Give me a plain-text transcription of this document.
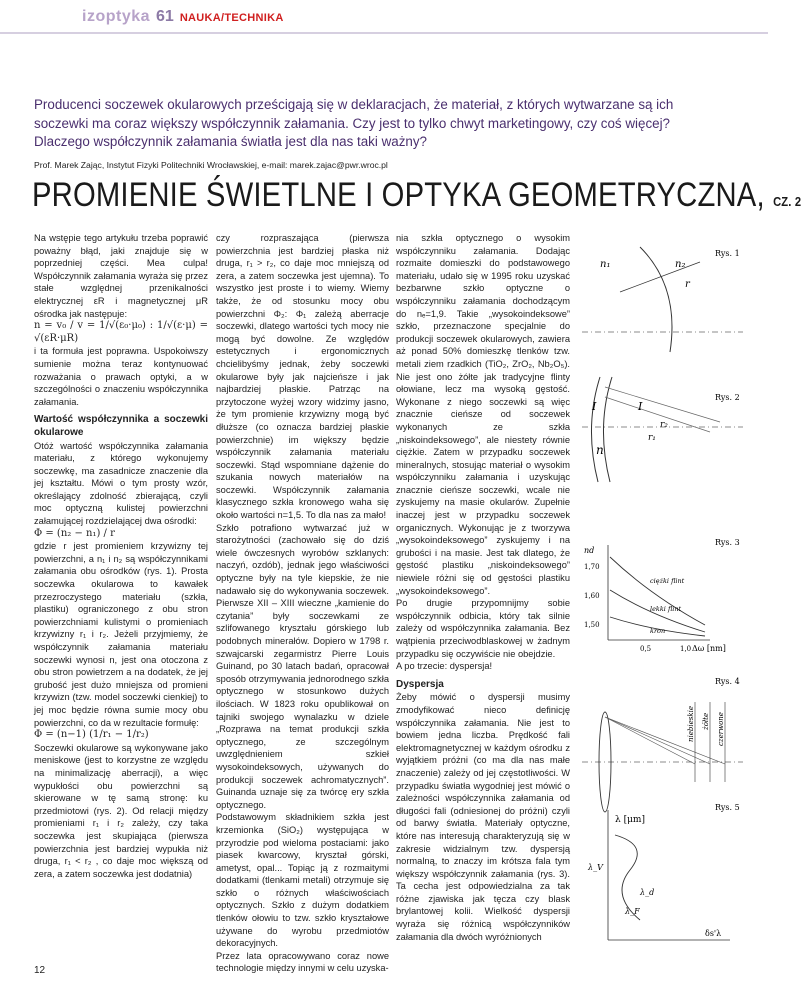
izoptyka 61 NAUKA/TECHNIKA
Producenci soczewek okularowych prześcigają się w deklaracjach, że materiał, z których wytwarzane są ich soczewki ma coraz większy współczynnik załamania. Czy jest to tylko chwyt marketingowy, czy coś więcej? Dlaczego współczynnik załamania światła jest dla nas taki ważny?
Prof. Marek Zając, Instytut Fizyki Politechniki Wrocławskiej, e-mail: marek.zajac@pwr.wroc.pl
PROMIENIE ŚWIETLNE I OPTYKA GEOMETRYCZNA, CZ. 2

Na wstępie tego artykułu trzeba poprawić poważny błąd, jaki znajduje się w poprzedniej części. Mea culpa! Współczynnik załamania wyraża się przez stałe względnej przenikalności elektrycznej εR i magnetycznej μR ośrodka jak następuje:

n = v₀ / v = 1/√(ε₀·μ₀) : 1/√(ε·μ) = √(εR·μR)

i ta formuła jest poprawna. Uspokoiwszy sumienie można teraz kontynuować rozważania o prawach optyki, a w szczególności o znaczeniu współczynnika załamania.

Wartość współczynnika a soczewki okularowe

Otóż wartość współczynnika załamania materiału, z którego wykonujemy soczewkę, ma zasadnicze znaczenie dla jej kształtu. Mówi o tym prosty wzór, określający zdolność zbierającą, czyli moc optyczną kulistej powierzchni załamującej rozdzielającej dwa ośrodki:

Φ = (n₂ − n₁) / r

gdzie r jest promieniem krzywizny tej powierzchni, a n₁ i n₂ są współczynnikami załamania obu ośrodków (rys. 1). Prosta soczewka okularowa to kawałek przezroczystego materiału (szkła, plastiku) ograniczonego z obu stron powierzchniami kulistymi o promieniach krzywizny r₁ i r₂. Jeżeli przyjmiemy, że współczynnik załamania materiału soczewki wynosi n, jest ona otoczona z obu stron powietrzem a na dodatek, że jej grubość jest dużo mniejsza od promieni krzywizn (tzw. model soczewki cienkiej) to jej moc będzie równa sumie mocy obu powierzchni, co da w rezultacie formułę:

Φ = (n−1) (1/r₁ − 1/r₂)

Soczewki okularowe są wykonywane jako meniskowe (jest to korzystne ze względu na minimalizację aberracji), a więc wypukłości obu powierzchni są skierowane w tę samą stronę: ku przedmiotowi (rys. 2). Od relacji między promieniami r₁ i r₂ zależy, czy taka soczewka jest skupiająca (pierwsza powierzchnia jest bardziej wypukła niż druga, r₁ < r₂ , co daje moc większą od zera, a zatem soczewka jest dodatnia)

czy rozpraszająca (pierwsza powierzchnia jest bardziej płaska niż druga, r₁ > r₂, co daje moc mniejszą od zera, a zatem soczewka jest ujemna). To wszystko jest proste i to wiemy. Wiemy także, że od stosunku mocy obu powierzchni Φ₂: Φ₁ zależą aberracje soczewki, dlatego wartości tych mocy nie mogą być dowolne. Ze względów estetycznych i ergonomicznych chcielibyśmy jednak, żeby soczewki okularowe były jak najcieńsze i jak najbardziej płaskie. Patrząc na przytoczone wyżej wzory widzimy jasno, że tym promienie krzywizny mogą być dłuższe (co oznacza bardziej płaskie powierzchnie) im większy będzie współczynnik załamania materiału soczewki. Stąd wspomniane dążenie do szukania nowych materiałów na soczewki. Współczynnik załamania klasycznego szkła kronowego waha się około wartości n=1,5. To dla nas za mało!

Szkło potrafiono wytwarzać już w starożytności (zachowało się do dziś wiele ówczesnych wyrobów szklanych: naczyń, ozdób), jednak jego właściwości optyczne były na tyle kiepskie, że nie nadawało się do wykonywania soczewek. Pierwsze XII – XIII wieczne „kamienie do czytania” były soczewkami ze szlifowanego kryształu górskiego lub podobnych minerałów. Dopiero w 1798 r. szwajcarski zegarmistrz Pierre Louis Guinand, po 30 latach badań, opracował sposób otrzymywania jednorodnego szkła optycznego w stosunkowo dużych ilościach. W 1823 roku opublikował on tajniki swojego wynalazku w dziele „Rozprawa na temat produkcji szkła optycznego, ze szczególnym uwzględnieniem szkieł wysokoindeksowych, używanych do produkcji soczewek achromatycznych”. Guinanda uznaje się za twórcę ery szkła optycznego.

Podstawowym składnikiem szkła jest krzemionka (SiO₂) występująca w przyrodzie pod wieloma postaciami: jako piasek kwarcowy, kryształ górski, ametyst, opal... Topiąc ją z rozmaitymi dodatkami (tlenkami metali) otrzymuje się szkło o różnych właściwościach optycznych. Szkło z dużym dodatkiem tlenków ołowiu to tzw. szkło kryształowe używane do wyrobu przedmiotów dekoracyjnych.

Przez lata opracowywano coraz nowe technologie między innymi w celu uzyska-

nia szkła optycznego o wysokim współczynniku załamania. Dodając rozmaite domieszki do podstawowego materiału, udało się w 1995 roku uzyskać bezbarwne szkło optyczne o współczynniku załamania dochodzącym do nₑ=1,9. Takie „wysokoindeksowe” szkło, przeznaczone specjalnie do produkcji soczewek okularowych, zawiera aż ponad 50% domieszkę tlenków tzw. metali ziem rzadkich (TiO₂, ZrO₂, Nb₂O₅). Nie jest ono żółte jak tradycyjne flinty ołowiane, lecz ma wysoką gęstość. Wykonane z niego soczewki są więc znacznie cieńsze od soczewek wykonanych ze szkła „niskoindeksowego”, ale niestety równie ciężkie. Zatem w przypadku soczewek mineralnych, stosując materiał o wysokim współczynniku załamania i uzyskując znacznie cieńsze soczewki, wcale nie zyskujemy na masie okularów. Zupełnie inaczej jest w przypadku soczewek organicznych. Wykonując je z tworzywa „wysokoindeksowego” zyskujemy i na grubości i na masie. Jest tak dlatego, że gęstość plastiku „niskoindeksowego” niewiele różni się od gęstości plastiku „wysokoindeksowego”.

Po drugie przypomnijmy sobie współczynnik odbicia, który tak silnie zależy od współczynnika załamania. Bez wątpienia przeciwodblaskowej w żadnym przypadku się oczywiście nie obejdzie.

A po trzecie: dyspersja!

Dyspersja

Żeby mówić o dyspersji musimy zmodyfikować nieco definicję współczynnika załamania. Nie jest to bowiem jedna liczba. Prędkość fali elektromagnetycznej w każdym ośrodku z wyjątkiem próżni (co ma dla nas małe znaczenie) zależy od jej częstotliwości. W przypadku światła wygodniej jest mówić o zależności współczynnika załamania od długości fali (odniesionej do próżni) czyli od barwy światła. Materiały optyczne, które nas interesują charakteryzują się w zakresie widzialnym tzw. dyspersją normalną, to znaczy im krótsza fala tym większy współczynnik załamania (rys. 3). Ta cecha jest odpowiedzialna za tak różne zjawiska jak tęcza czy blask brylantowej kolii. Wielkość dyspersji wyraża się różnicą współczynników załamania dla dwóch wyróżnionych

n₁	n₂
r
Rys. 1
I	I
r₂
r₁
n
Rys. 2
nd
1,70
1,60
1,50
0,5	1,0 Δω [nm]
ciężki flint
lekki flint
kron
Rys. 3
niebieskie żółte czerwone
Rys. 4
λ [μm]
λ_V
λ_d
λ_F
δs'λ
Rys. 5
12
